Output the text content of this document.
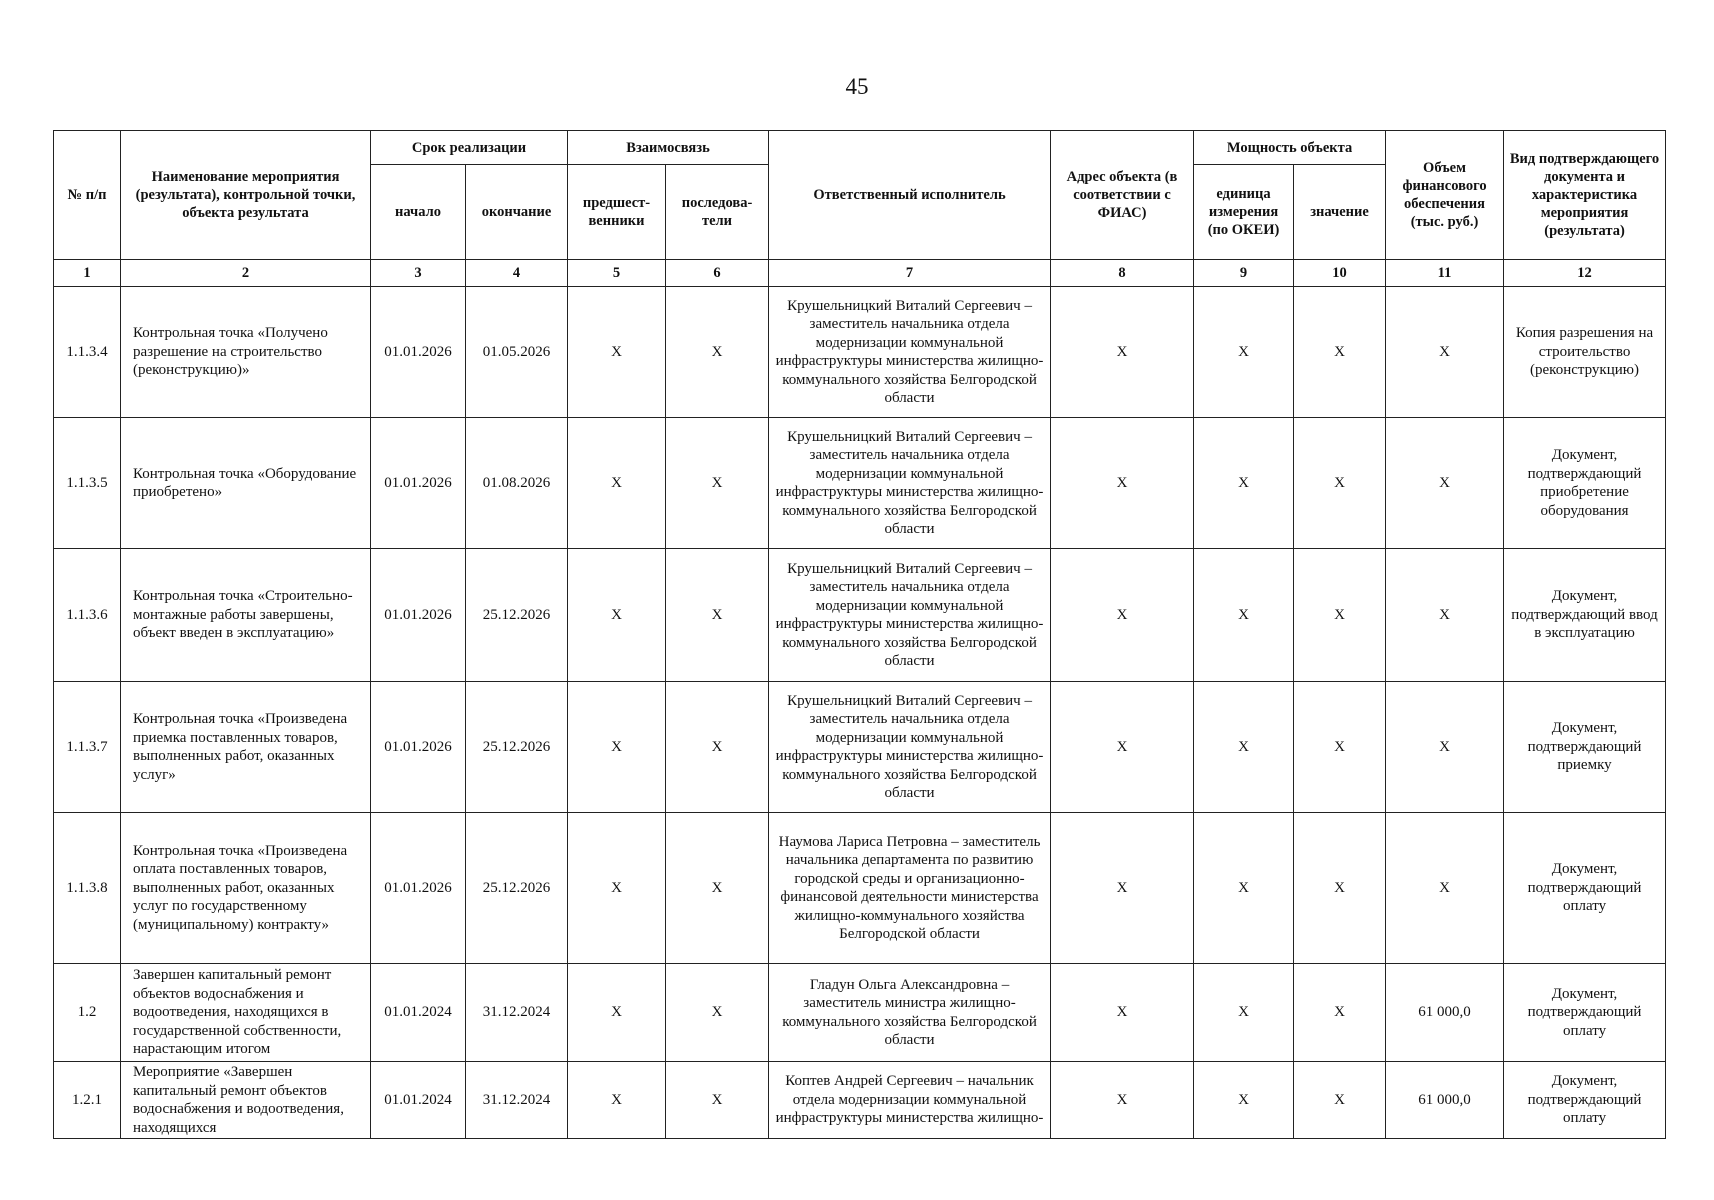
45
№ п/п	Наименование мероприятия (результата), контрольной точки, объекта результата	Срок реализации		Взаимосвязь		Ответственный исполнитель	Адрес объекта (в соответствии с ФИАС)	Мощность объекта		Объем финансового обеспечения (тыс. руб.)	Вид подтверждающего документа и характеристика мероприятия (результата)
		начало	окончание	предшест-венники	последова-тели			единица измерения (по ОКЕИ)	значение		
1	2	3	4	5	6	7	8	9	10	11	12
1.1.3.4	Контрольная точка «Получено разрешение на строительство (реконструкцию)»	01.01.2026	01.05.2026	X	X	Крушельницкий Виталий Сергеевич – заместитель начальника отдела модернизации коммунальной инфраструктуры министерства жилищно-коммунального хозяйства Белгородской области	X	X	X	X	Копия разрешения на строительство (реконструкцию)
1.1.3.5	Контрольная точка «Оборудование приобретено»	01.01.2026	01.08.2026	X	X	Крушельницкий Виталий Сергеевич – заместитель начальника отдела модернизации коммунальной инфраструктуры министерства жилищно-коммунального хозяйства Белгородской области	X	X	X	X	Документ, подтверждающий приобретение оборудования
1.1.3.6	Контрольная точка «Строительно-монтажные работы завершены, объект введен в эксплуатацию»	01.01.2026	25.12.2026	X	X	Крушельницкий Виталий Сергеевич – заместитель начальника отдела модернизации коммунальной инфраструктуры министерства жилищно-коммунального хозяйства Белгородской области	X	X	X	X	Документ, подтверждающий ввод в эксплуатацию
1.1.3.7	Контрольная точка «Произведена приемка поставленных товаров, выполненных работ, оказанных услуг»	01.01.2026	25.12.2026	X	X	Крушельницкий Виталий Сергеевич – заместитель начальника отдела модернизации коммунальной инфраструктуры министерства жилищно-коммунального хозяйства Белгородской области	X	X	X	X	Документ, подтверждающий приемку
1.1.3.8	Контрольная точка «Произведена оплата поставленных товаров, выполненных работ, оказанных услуг по государственному (муниципальному) контракту»	01.01.2026	25.12.2026	X	X	Наумова Лариса Петровна – заместитель начальника департамента по развитию городской среды и организационно-финансовой деятельности министерства жилищно-коммунального хозяйства Белгородской области	X	X	X	X	Документ, подтверждающий оплату
1.2	Завершен капитальный ремонт объектов водоснабжения и водоотведения, находящихся в государственной собственности, нарастающим итогом	01.01.2024	31.12.2024	X	X	Гладун Ольга Александровна – заместитель министра жилищно-коммунального хозяйства Белгородской области	X	X	X	61 000,0	Документ, подтверждающий оплату
1.2.1	Мероприятие «Завершен капитальный ремонт объектов водоснабжения и водоотведения, находящихся	01.01.2024	31.12.2024	X	X	Коптев Андрей Сергеевич – начальник отдела модернизации коммунальной инфраструктуры министерства жилищно-	X	X	X	61 000,0	Документ, подтверждающий оплату
